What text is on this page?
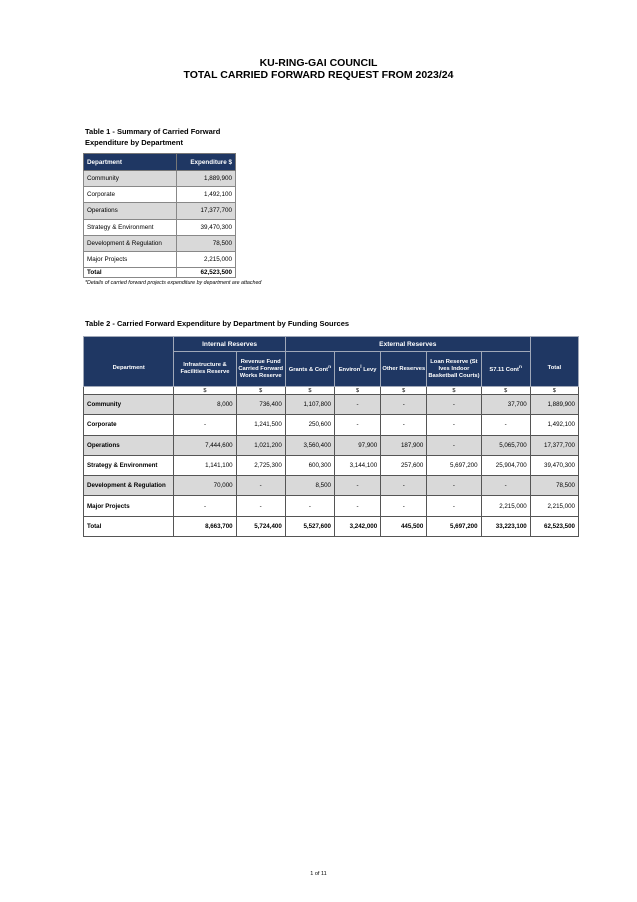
KU-RING-GAI COUNCIL
TOTAL CARRIED FORWARD REQUEST FROM 2023/24
Table 1 - Summary of Carried Forward
Expenditure by Department
Department	Expenditure $
Community	1,889,900
Corporate	1,492,100
Operations	17,377,700
Strategy & Environment	39,470,300
Development & Regulation	78,500
Major Projects	2,215,000
Total	62,523,500
*Details of carried forward projects expenditure by department are attached
Table 2 - Carried Forward Expenditure by Department by Funding Sources
	Internal Reserves		External Reserves					
Department	Infrastructure & Facilities Reserve	Revenue Fund Carried Forward Works Reserve	Grants & Cont$^n$	Environ$^l$ Levy	Other Reserves	Loan Reserve (St Ives Indoor Basketball Courts)	S7.11 Cont$^n$	Total
	$	$	$	$	$	$	$	$
Community	8,000	736,400	1,107,800	-	-	-	37,700	1,889,900
Corporate	-	1,241,500	250,600	-	-	-	-	1,492,100
Operations	7,444,600	1,021,200	3,560,400	97,900	187,900	-	5,065,700	17,377,700
Strategy & Environment	1,141,100	2,725,300	600,300	3,144,100	257,600	5,697,200	25,904,700	39,470,300
Development & Regulation	70,000	-	8,500	-	-	-	-	78,500
Major Projects	-	-	-	-	-	-	2,215,000	2,215,000
Total	8,663,700	5,724,400	5,527,600	3,242,000	445,500	5,697,200	33,223,100	62,523,500
1 of 11
